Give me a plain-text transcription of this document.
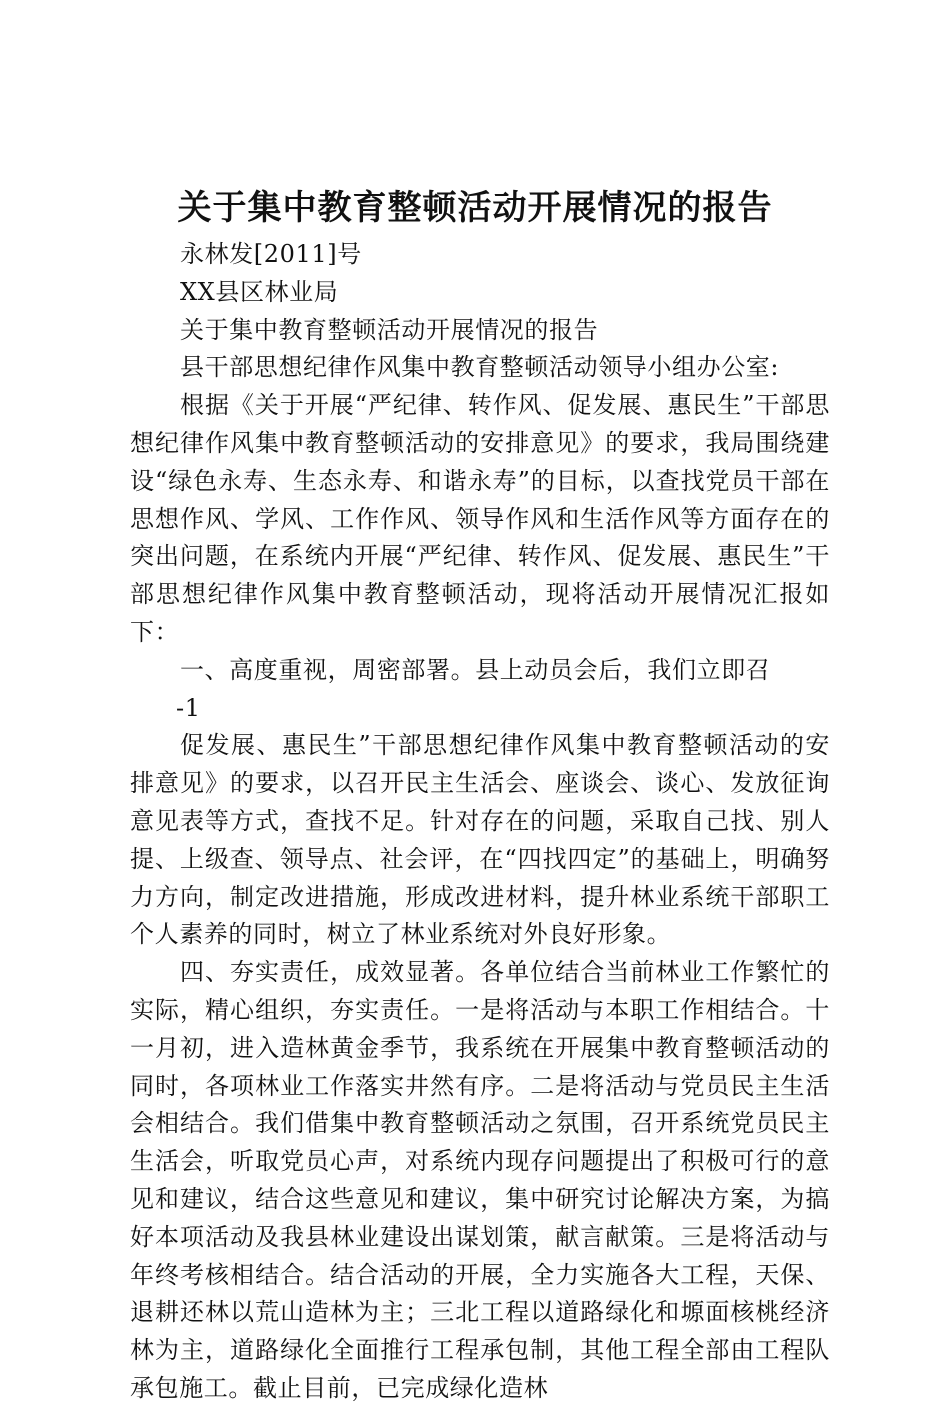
关于集中教育整顿活动开展情况的报告

永林发[2011]号

XX县区林业局

关于集中教育整顿活动开展情况的报告

县干部思想纪律作风集中教育整顿活动领导小组办公室:

根据《关于开展“严纪律、转作风、促发展、惠民生”干部思想纪律作风集中教育整顿活动的安排意见》的要求，我局围绕建设“绿色永寿、生态永寿、和谐永寿”的目标，以查找党员干部在思想作风、学风、工作作风、领导作风和生活作风等方面存在的突出问题，在系统内开展“严纪律、转作风、促发展、惠民生”干部思想纪律作风集中教育整顿活动，现将活动开展情况汇报如下：

一、高度重视，周密部署。县上动员会后，我们立即召

-1

促发展、惠民生”干部思想纪律作风集中教育整顿活动的安排意见》的要求，以召开民主生活会、座谈会、谈心、发放征询意见表等方式，查找不足。针对存在的问题，采取自己找、别人提、上级查、领导点、社会评，在“四找四定”的基础上，明确努力方向，制定改进措施，形成改进材料，提升林业系统干部职工个人素养的同时，树立了林业系统对外良好形象。

四、夯实责任，成效显著。各单位结合当前林业工作繁忙的实际，精心组织，夯实责任。一是将活动与本职工作相结合。十一月初，进入造林黄金季节，我系统在开展集中教育整顿活动的同时，各项林业工作落实井然有序。二是将活动与党员民主生活会相结合。我们借集中教育整顿活动之氛围，召开系统党员民主生活会，听取党员心声，对系统内现存问题提出了积极可行的意见和建议，结合这些意见和建议，集中研究讨论解决方案，为搞好本项活动及我县林业建设出谋划策，献言献策。三是将活动与年终考核相结合。结合活动的开展，全力实施各大工程，天保、退耕还林以荒山造林为主；三北工程以道路绿化和塬面核桃经济林为主，道路绿化全面推行工程承包制，其他工程全部由工程队承包施工。截止目前，已完成绿化造林
